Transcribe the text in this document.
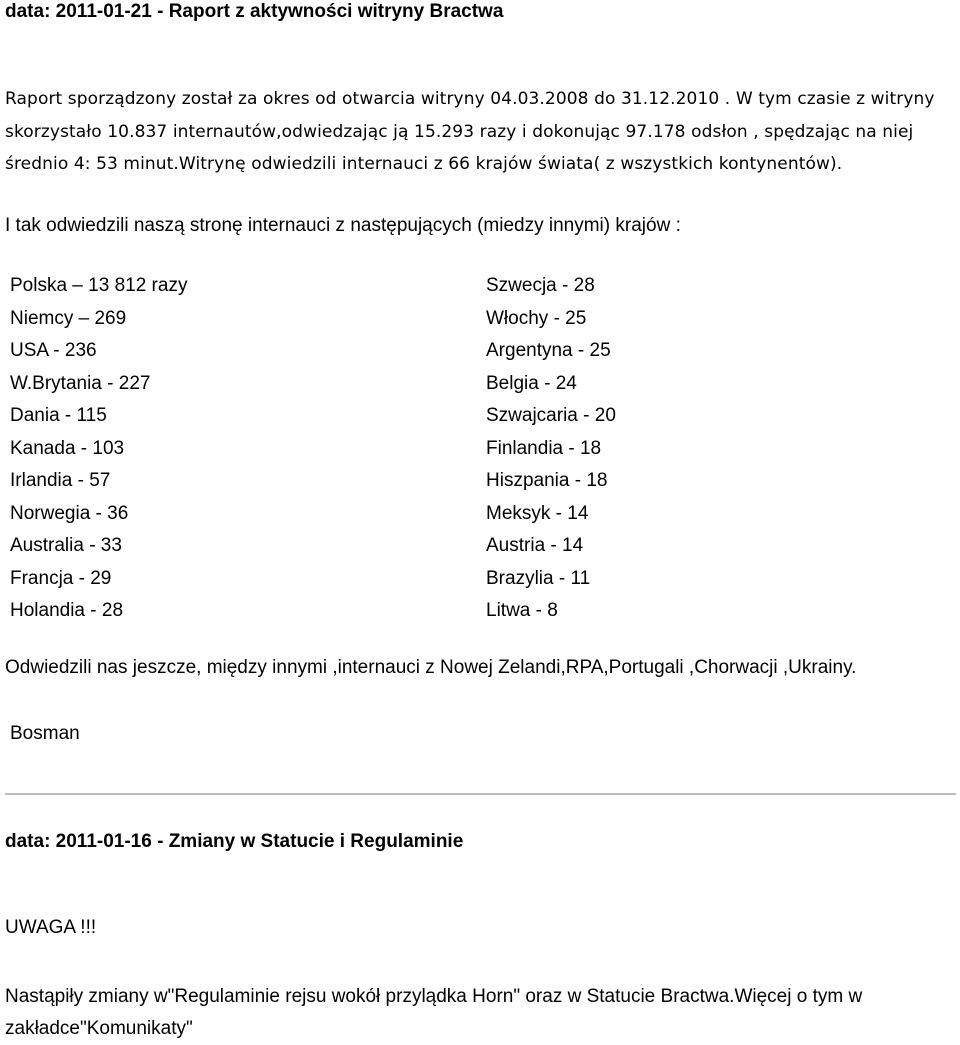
data: 2011-01-21 - Raport z aktywności witryny Bractwa

Raport sporządzony został za okres od otwarcia witryny 04.03.2008 do 31.12.2010 . W tym czasie z witryny skorzystało 10.837 internautów,odwiedzając ją 15.293 razy i dokonując 97.178 odsłon , spędzając na niej średnio 4: 53 minut.Witrynę odwiedzili internauci z 66 krajów świata( z wszystkich kontynentów).

I tak odwiedzili naszą stronę internauci z następujących (miedzy innymi) krajów :
Polska – 13 812 razy
Niemcy – 269
USA - 236
W.Brytania - 227
Dania - 115
Kanada - 103
Irlandia - 57
Norwegia - 36
Australia - 33
Francja - 29
Holandia - 28
Szwecja - 28
Włochy - 25
Argentyna - 25
Belgia - 24
Szwajcaria - 20
Finlandia - 18
Hiszpania - 18
Meksyk - 14
Austria - 14
Brazylia - 11
Litwa - 8
Odwiedzili nas jeszcze, między innymi ,internauci z Nowej Zelandi,RPA,Portugali ,Chorwacji ,Ukrainy.
Bosman
data: 2011-01-16 - Zmiany w Statucie i Regulaminie
UWAGA !!!

Nastąpiły zmiany w"Regulaminie rejsu wokół przylądka Horn" oraz w Statucie Bractwa.Więcej o tym w zakładce"Komunikaty"
